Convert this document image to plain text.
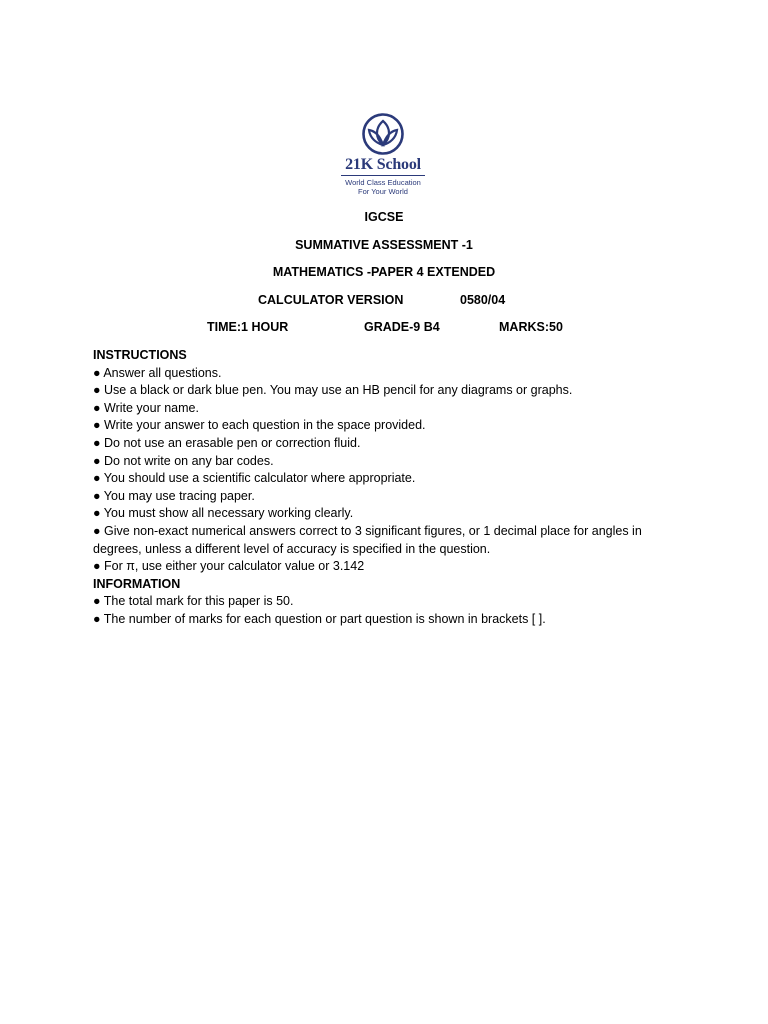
21K School
World Class Education
For Your World
IGCSE
SUMMATIVE ASSESSMENT -1
MATHEMATICS -PAPER 4 EXTENDED
CALCULATOR VERSION	0580/04
TIME:1 HOUR	GRADE-9 B4	MARKS:50
INSTRUCTIONS
● Answer all questions.
● Use a black or dark blue pen. You may use an HB pencil for any diagrams or graphs.
● Write your name.
● Write your answer to each question in the space provided.
● Do not use an erasable pen or correction fluid.
● Do not write on any bar codes.
● You should use a scientific calculator where appropriate.
● You may use tracing paper.
● You must show all necessary working clearly.
● Give non-exact numerical answers correct to 3 significant figures, or 1 decimal place for angles in degrees, unless a different level of accuracy is specified in the question.
● For π, use either your calculator value or 3.142
INFORMATION
● The total mark for this paper is 50.
● The number of marks for each question or part question is shown in brackets [ ].
